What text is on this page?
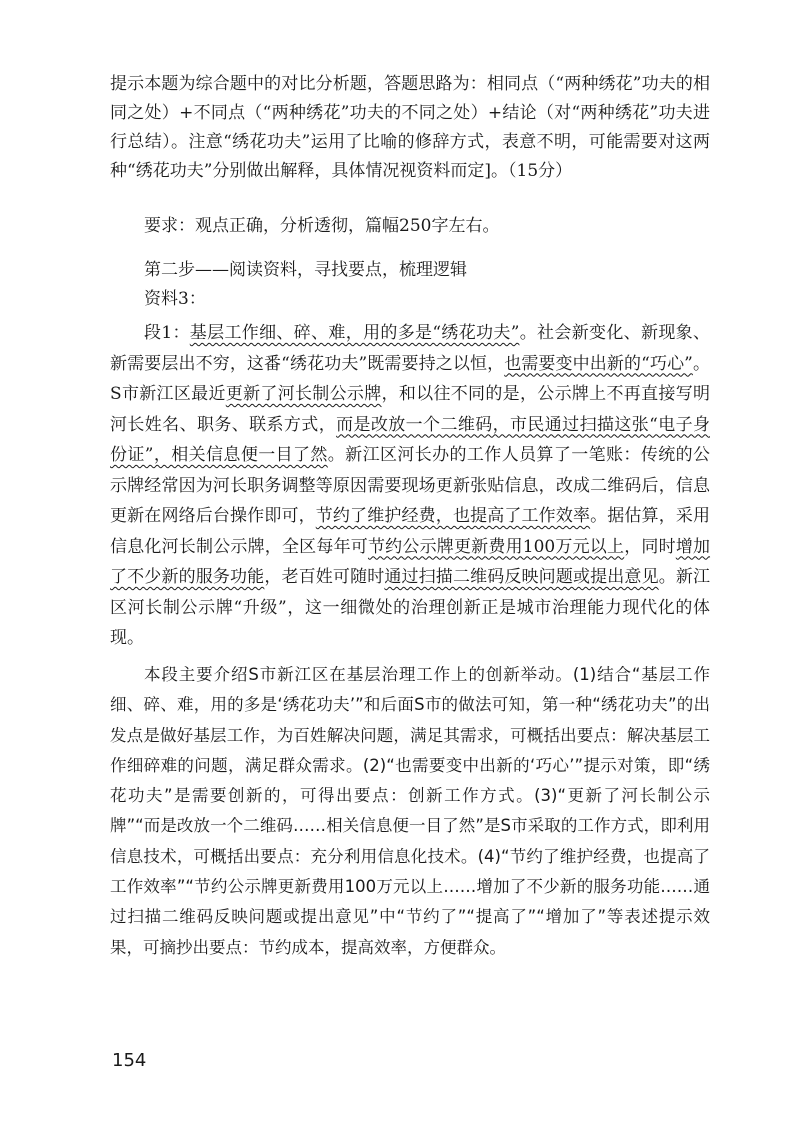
提示本题为综合题中的对比分析题，答题思路为：相同点（“两种绣花”功夫的相同之处）+不同点（“两种绣花”功夫的不同之处）+结论（对“两种绣花”功夫进行总结）。注意“绣花功夫”运用了比喻的修辞方式，表意不明，可能需要对这两种“绣花功夫”分别做出解释，具体情况视资料而定]。（15分）

要求：观点正确，分析透彻，篇幅250字左右。

第二步——阅读资料，寻找要点，梳理逻辑

资料3：

段1：基层工作细、碎、难，用的多是“绣花功夫”。社会新变化、新现象、新需要层出不穷，这番“绣花功夫”既需要持之以恒，也需要变中出新的“巧心”。S市新江区最近更新了河长制公示牌，和以往不同的是，公示牌上不再直接写明河长姓名、职务、联系方式，而是改放一个二维码，市民通过扫描这张“电子身份证”，相关信息便一目了然。新江区河长办的工作人员算了一笔账：传统的公示牌经常因为河长职务调整等原因需要现场更新张贴信息，改成二维码后，信息更新在网络后台操作即可，节约了维护经费，也提高了工作效率。据估算，采用信息化河长制公示牌，全区每年可节约公示牌更新费用100万元以上，同时增加了不少新的服务功能，老百姓可随时通过扫描二维码反映问题或提出意见。新江区河长制公示牌“升级”，这一细微处的治理创新正是城市治理能力现代化的体现。

本段主要介绍S市新江区在基层治理工作上的创新举动。(1)结合“基层工作细、碎、难，用的多是‘绣花功夫’”和后面S市的做法可知，第一种“绣花功夫”的出发点是做好基层工作，为百姓解决问题，满足其需求，可概括出要点：解决基层工作细碎难的问题，满足群众需求。(2)“也需要变中出新的‘巧心’”提示对策，即“绣花功夫”是需要创新的，可得出要点：创新工作方式。(3)“更新了河长制公示牌”“而是改放一个二维码……相关信息便一目了然”是S市采取的工作方式，即利用信息技术，可概括出要点：充分利用信息化技术。(4)“节约了维护经费，也提高了工作效率”“节约公示牌更新费用100万元以上……增加了不少新的服务功能……通过扫描二维码反映问题或提出意见”中“节约了”“提高了”“增加了”等表述提示效果，可摘抄出要点：节约成本，提高效率，方便群众。

154
